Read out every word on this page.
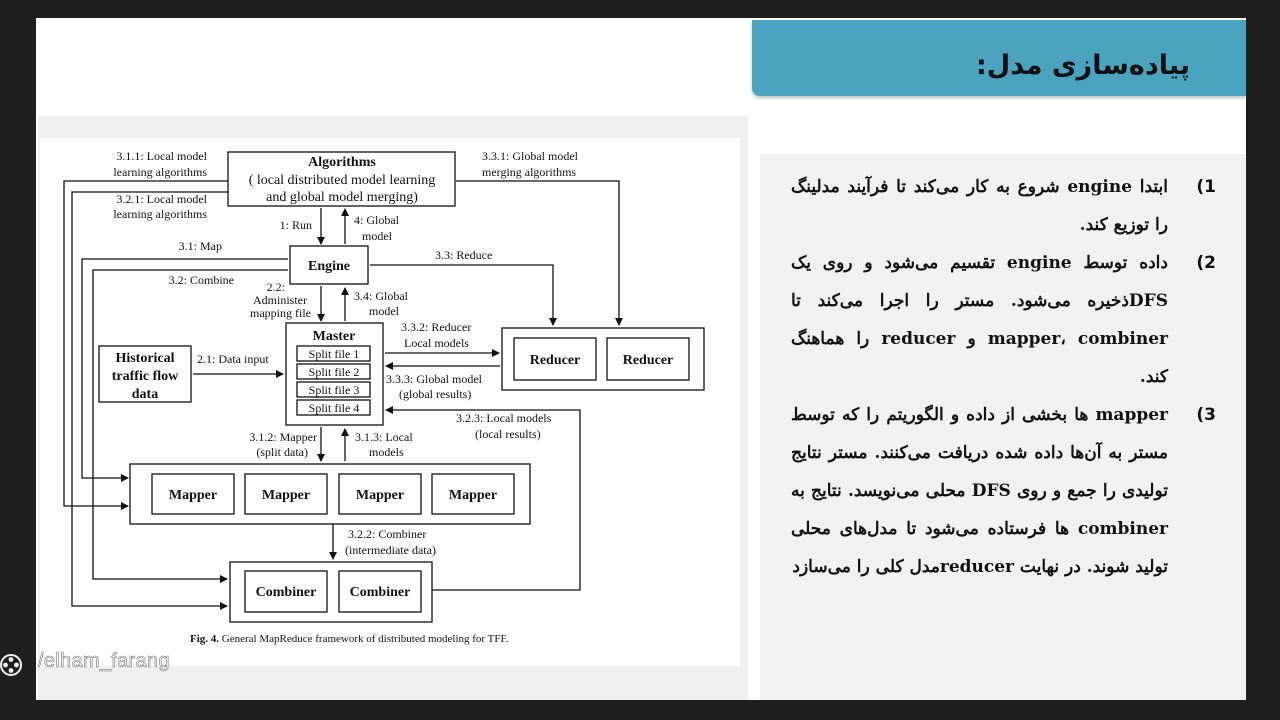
پیاده‌سازی مدل:
Algorithms
( local distributed model learning
and global model merging)
Engine
Master
Split file 1
Split file 2
Split file 3
Split file 4
Historical
traffic flow
data
Reducer	Reducer
Mapper	Mapper	Mapper	Mapper
Combiner Combiner
3.1.1: Local model
learning algorithms
3.2.1: Local model
learning algorithms
3.3.1: Global model
merging algorithms
1: Run	4: Global
model
3.1: Map
3.2: Combine
3.3: Reduce
2.2:
Administer
mapping file
3.4: Global
model
3.3.2: Reducer
Local models
2.1: Data input
3.3.3: Global model
(global results)
3.2.3: Local models
(local results)
3.1.2: Mapper
(split data)
3.1.3: Local
models
3.2.2: Combiner
(intermediate data)
Fig. 4. General MapReduce framework of distributed modeling for TFF.
1)
ابتدا engine شروع به کار می‌کند تا فرآیند مدلینگ را توزیع کند.
2)
داده توسط engine تقسیم می‌شود و روی یک DFSذخیره می‌شود. مستر را اجرا می‌کند تا mapper، combiner و reducer را هماهنگ کند.
3)
mapper ها بخشی از داده و الگوریتم را که توسط مستر به آن‌ها داده شده دریافت می‌کنند. مستر نتایج تولیدی را جمع و روی DFS محلی می‌نویسد. نتایج به combiner ها فرستاده می‌شود تا مدل‌های محلی تولید شوند. در نهایت reducerمدل کلی را می‌سازد
/elham_farang
